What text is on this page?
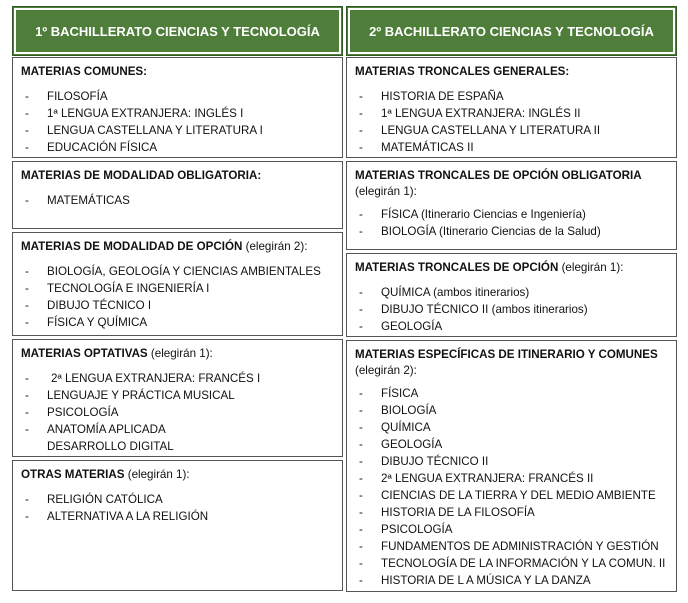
1º BACHILLERATO CIENCIAS Y TECNOLOGÍA
MATERIAS COMUNES:
- FILOSOFÍA
- 1ª LENGUA EXTRANJERA: INGLÉS I
- LENGUA CASTELLANA Y LITERATURA I
- EDUCACIÓN FÍSICA
MATERIAS DE MODALIDAD OBLIGATORIA:
- MATEMÁTICAS
MATERIAS DE MODALIDAD DE OPCIÓN (elegirán 2):
- BIOLOGÍA, GEOLOGÍA Y CIENCIAS AMBIENTALES
- TECNOLOGÍA E INGENIERÍA I
- DIBUJO TÉCNICO I
- FÍSICA Y QUÍMICA
MATERIAS OPTATIVAS (elegirán 1):
- 2ª LENGUA EXTRANJERA: FRANCÉS I
- LENGUAJE Y PRÁCTICA MUSICAL
- PSICOLOGÍA
- ANATOMÍA APLICADA
DESARROLLO DIGITAL
OTRAS MATERIAS (elegirán 1):
- RELIGIÓN CATÓLICA
- ALTERNATIVA A LA RELIGIÓN
2º BACHILLERATO CIENCIAS Y TECNOLOGÍA
MATERIAS TRONCALES GENERALES:
- HISTORIA DE ESPAÑA
- 1ª LENGUA EXTRANJERA: INGLÉS II
- LENGUA CASTELLANA Y LITERATURA II
- MATEMÁTICAS II
MATERIAS TRONCALES DE OPCIÓN OBLIGATORIA
(elegirán 1):
- FÍSICA (Itinerario Ciencias e Ingeniería)
- BIOLOGÍA (Itinerario Ciencias de la Salud)
MATERIAS TRONCALES DE OPCIÓN (elegirán 1):
- QUÍMICA (ambos itinerarios)
- DIBUJO TÉCNICO II (ambos itinerarios)
- GEOLOGÍA
MATERIAS ESPECÍFICAS DE ITINERARIO Y COMUNES
(elegirán 2):
- FÍSICA
- BIOLOGÍA
- QUÍMICA
- GEOLOGÍA
- DIBUJO TÉCNICO II
- 2ª LENGUA EXTRANJERA: FRANCÉS II
- CIENCIAS DE LA TIERRA Y DEL MEDIO AMBIENTE
- HISTORIA DE LA FILOSOFÍA
- PSICOLOGÍA
- FUNDAMENTOS DE ADMINISTRACIÓN Y GESTIÓN
- TECNOLOGÍA DE LA INFORMACIÓN Y LA COMUN. II
- HISTORIA DE L A MÚSICA Y LA DANZA
